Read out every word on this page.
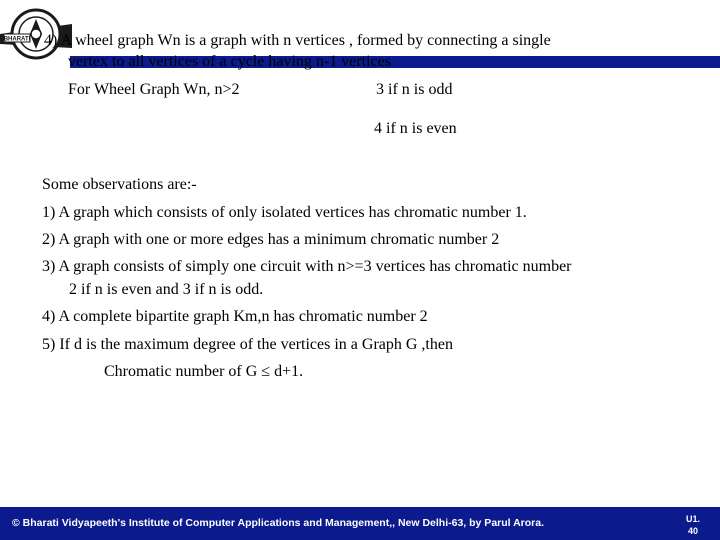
BHARATI 4) A wheel graph Wn is a graph with n vertices , formed by connecting a single
vertex to all vertices of a cycle having n-1 vertices
For Wheel Graph Wn, n>2	3 if n is odd
4 if n is even
Some observations are:-
1) A graph which consists of only isolated vertices has chromatic number 1.
2) A graph with one or more edges has a minimum chromatic number 2
3) A graph consists of simply one circuit with n>=3 vertices has chromatic number
2 if n is even and 3 if n is odd.
4) A complete bipartite graph Km,n has chromatic number 2
5) If d is the maximum degree of the vertices in a Graph G ,then
Chromatic number of G ≤ d+1.
© Bharati Vidyapeeth's Institute of Computer Applications and Management,, New Delhi-63, by Parul Arora.	U1.
40
